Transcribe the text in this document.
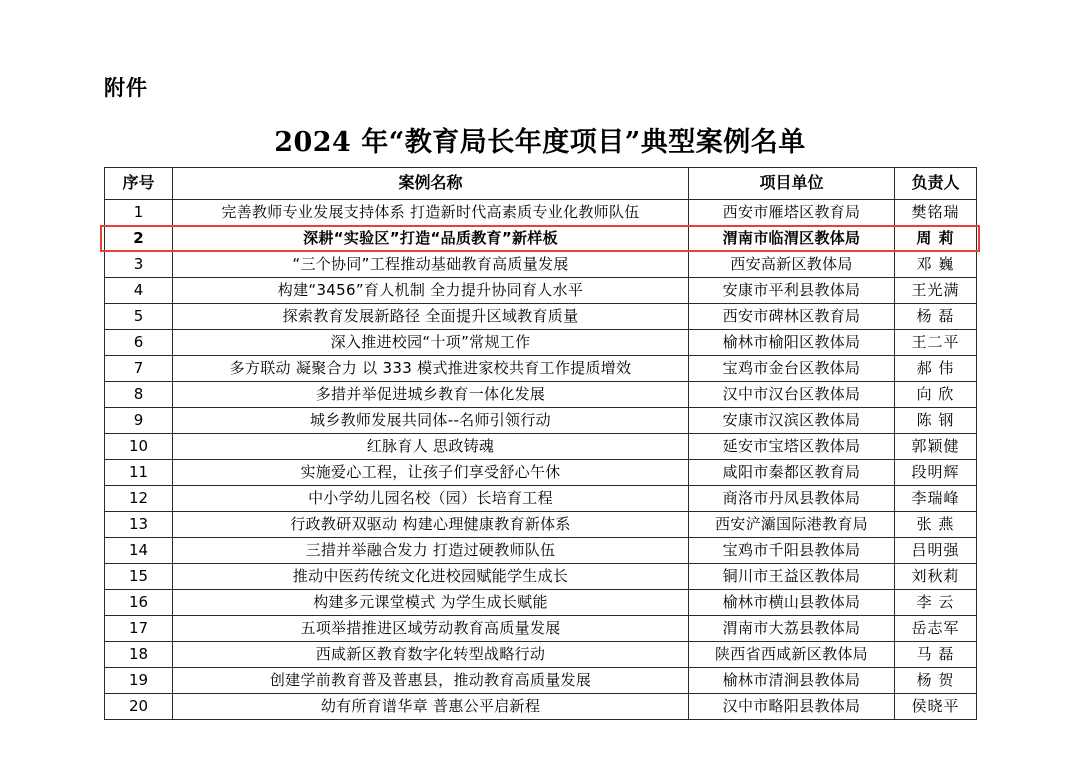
附件
2024 年“教育局长年度项目”典型案例名单
序号	案例名称	项目单位	负责人
1	完善教师专业发展支持体系 打造新时代高素质专业化教师队伍	西安市雁塔区教育局	樊铭瑞
2	深耕“实验区”打造“品质教育”新样板	渭南市临渭区教体局	周 莉
3	“三个协同”工程推动基础教育高质量发展	西安高新区教体局	邓 巍
4	构建“3456”育人机制 全力提升协同育人水平	安康市平利县教体局	王光满
5	探索教育发展新路径 全面提升区域教育质量	西安市碑林区教育局	杨 磊
6	深入推进校园“十项”常规工作	榆林市榆阳区教体局	王二平
7	多方联动 凝聚合力 以 333 模式推进家校共育工作提质增效	宝鸡市金台区教体局	郝 伟
8	多措并举促进城乡教育一体化发展	汉中市汉台区教体局	向 欣
9	城乡教师发展共同体--名师引领行动	安康市汉滨区教体局	陈 钢
10	红脉育人 思政铸魂	延安市宝塔区教体局	郭颖健
11	实施爱心工程，让孩子们享受舒心午休	咸阳市秦都区教育局	段明辉
12	中小学幼儿园名校（园）长培育工程	商洛市丹凤县教体局	李瑞峰
13	行政教研双驱动 构建心理健康教育新体系	西安浐灞国际港教育局	张 燕
14	三措并举融合发力 打造过硬教师队伍	宝鸡市千阳县教体局	吕明强
15	推动中医药传统文化进校园赋能学生成长	铜川市王益区教体局	刘秋莉
16	构建多元课堂模式 为学生成长赋能	榆林市横山县教体局	李 云
17	五项举措推进区域劳动教育高质量发展	渭南市大荔县教体局	岳志军
18	西咸新区教育数字化转型战略行动	陕西省西咸新区教体局	马 磊
19	创建学前教育普及普惠县，推动教育高质量发展	榆林市清涧县教体局	杨 贺
20	幼有所育谱华章 普惠公平启新程	汉中市略阳县教体局	侯晓平
